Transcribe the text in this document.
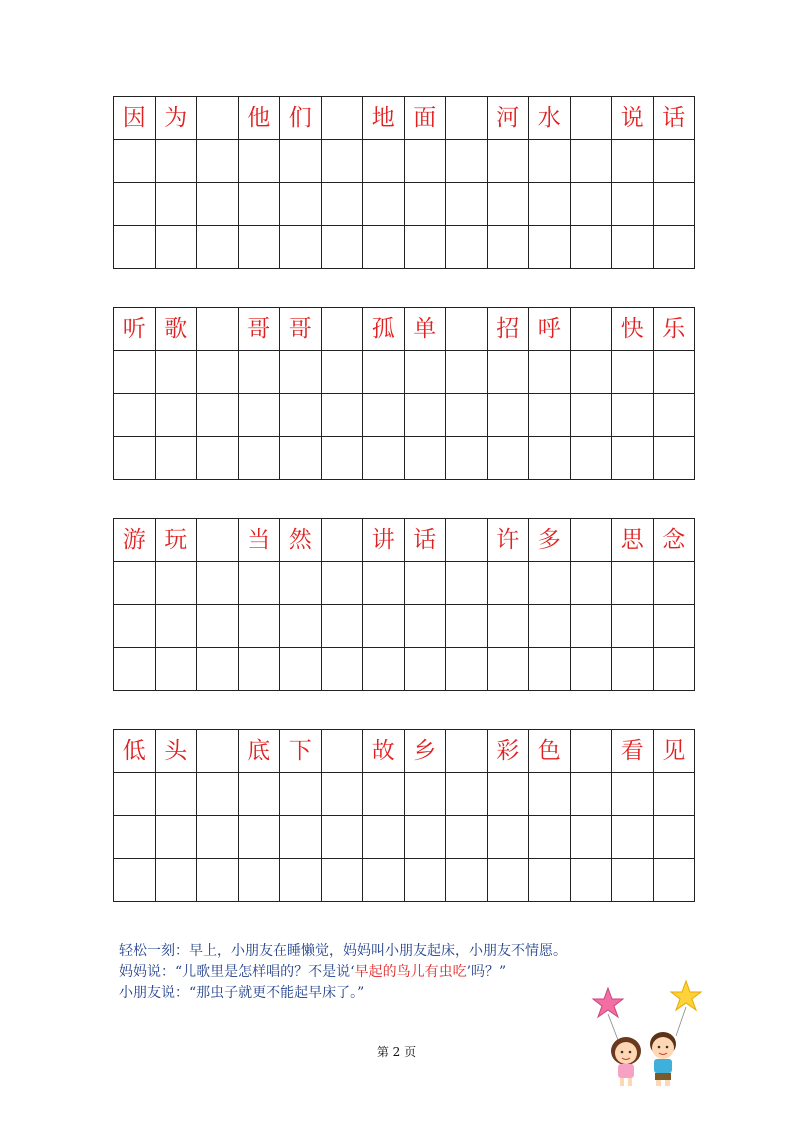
因	为		他	们		地	面		河	水		说	话

听	歌		哥	哥		孤	单		招	呼		快	乐

游	玩		当	然		讲	话		许	多		思	念

低	头		底	下		故	乡		彩	色		看	见

轻松一刻：早上，小朋友在睡懒觉，妈妈叫小朋友起床，小朋友不情愿。

妈妈说：“儿歌里是怎样唱的？不是说‘早起的鸟儿有虫吃’吗？”

小朋友说：“那虫子就更不能起早床了。”

第 2 页
